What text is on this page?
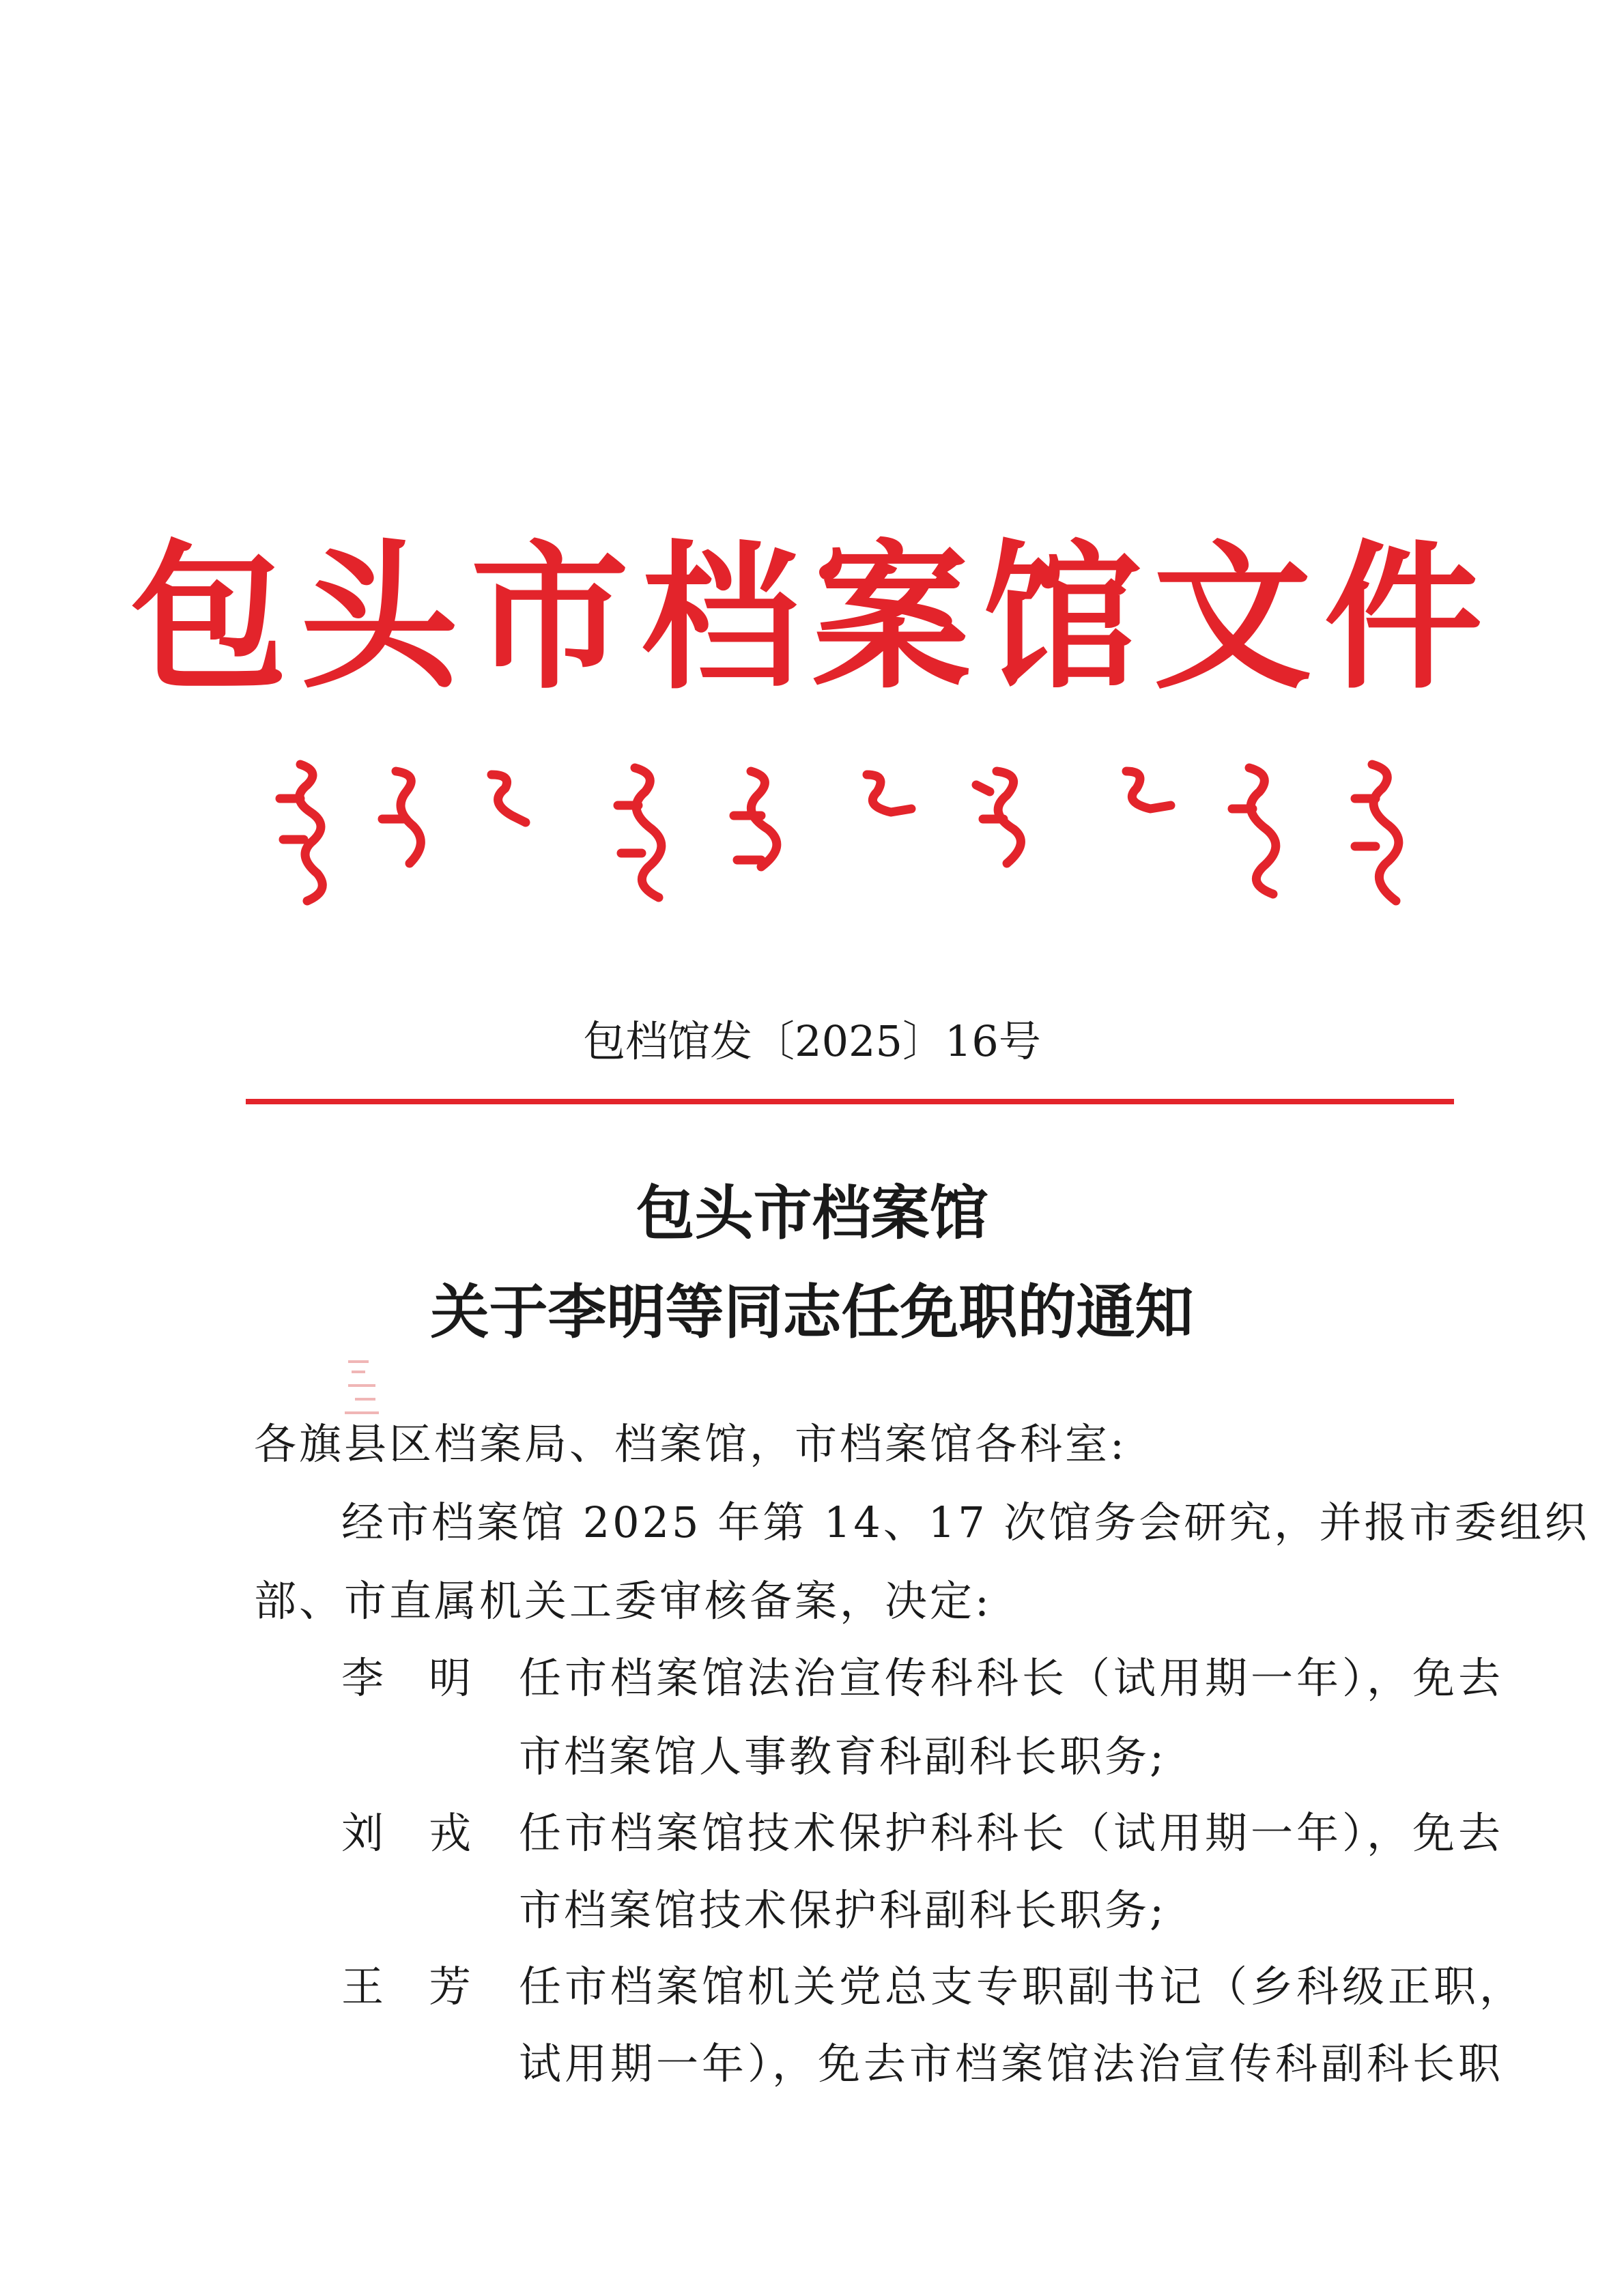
包头市档案馆文件
包档馆发〔2025〕16号
包头市档案馆
关于李明等同志任免职的通知
各旗县区档案局、档案馆，市档案馆各科室:
经市档案馆 2025 年第 14、17 次馆务会研究，并报市委组织
部、市直属机关工委审核备案，决定:
李 明 任市档案馆法治宣传科科长（试用期一年），免去
市档案馆人事教育科副科长职务;
刘 戎 任市档案馆技术保护科科长（试用期一年），免去
市档案馆技术保护科副科长职务;
王 芳 任市档案馆机关党总支专职副书记（乡科级正职，
试用期一年），免去市档案馆法治宣传科副科长职
